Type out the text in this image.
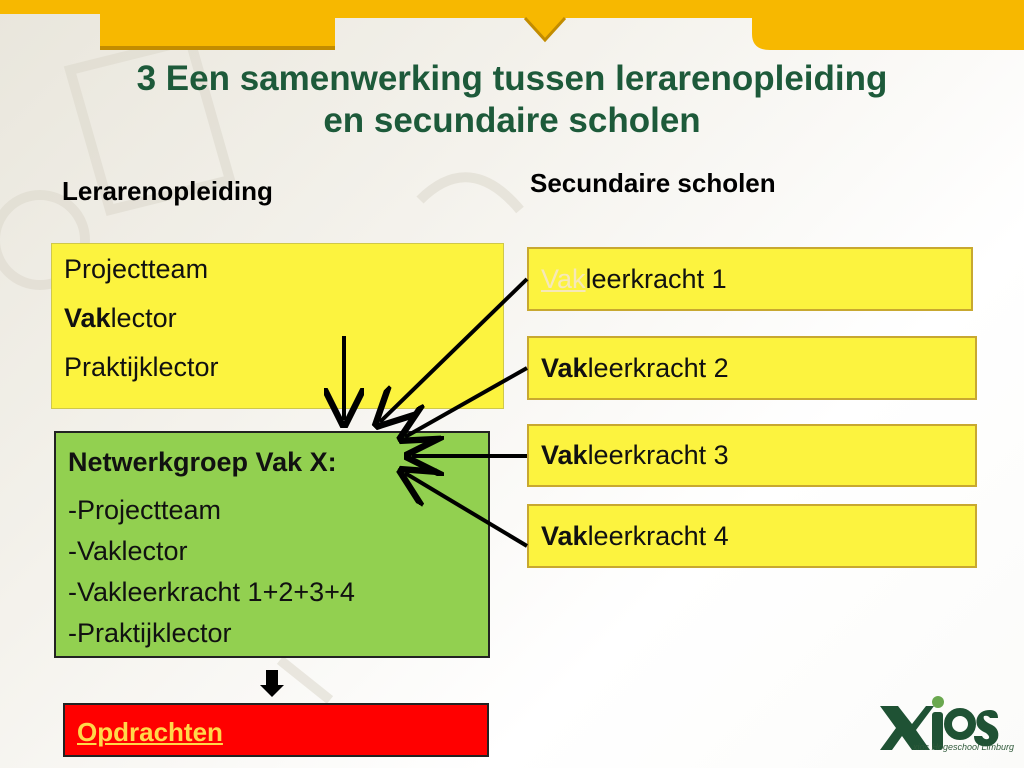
3 Een samenwerking tussen lerarenopleiding
en secundaire scholen
Lerarenopleiding	Secundaire scholen
Projectteam
Vaklector
Praktijklector
Vak leerkracht 1
Vak leerkracht 2
Vak leerkracht 3
Vak leerkracht 4
Netwerkgroep Vak X:
-Projectteam
-Vaklector
-Vakleerkracht 1+2+3+4
-Praktijklector
Opdrachten	xios Hogeschool Limburg
